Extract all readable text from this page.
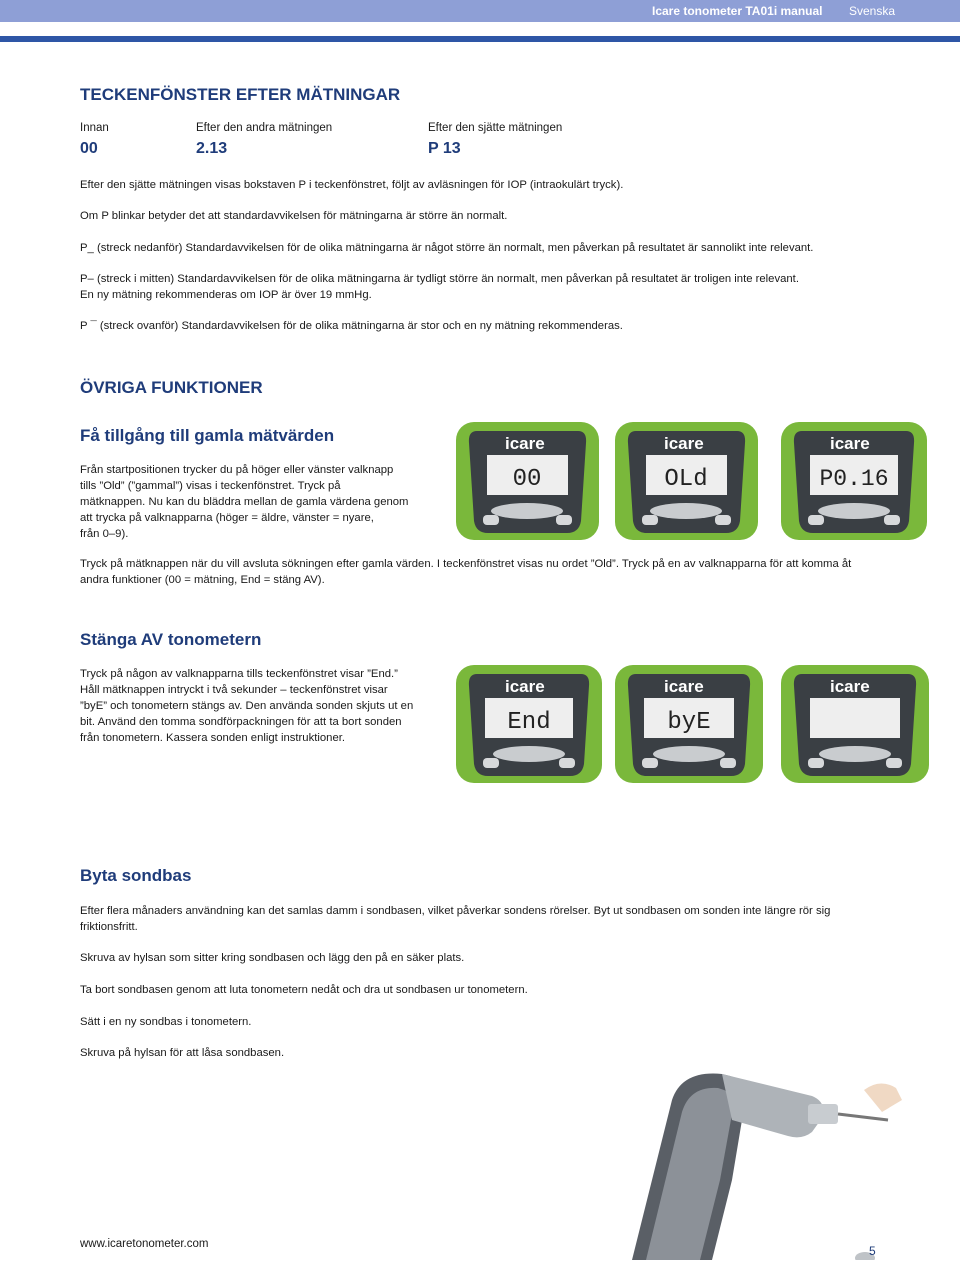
Icare tonometer TA01i manual Svenska
TECKENFÖNSTER EFTER MÄTNINGAR
Innan	Efter den andra mätningen	Efter den sjätte mätningen
00	2.13	P 13
Efter den sjätte mätningen visas bokstaven P i teckenfönstret, följt av avläsningen för IOP (intraokulärt tryck).
Om P blinkar betyder det att standardavvikelsen för mätningarna är större än normalt.
P_ (streck nedanför) Standardavvikelsen för de olika mätningarna är något större än normalt, men påverkan på resultatet är sannolikt inte relevant.
P– (streck i mitten) Standardavvikelsen för de olika mätningarna är tydligt större än normalt, men påverkan på resultatet är troligen inte relevant.
En ny mätning rekommenderas om IOP är över 19 mmHg.
P ¯ (streck ovanför) Standardavvikelsen för de olika mätningarna är stor och en ny mätning rekommenderas.
ÖVRIGA FUNKTIONER
Få tillgång till gamla mätvärden
Från startpositionen trycker du på höger eller vänster valknapp
tills ”Old” (”gammal”) visas i teckenfönstret. Tryck på
mätknappen. Nu kan du bläddra mellan de gamla värdena genom
att trycka på valknapparna (höger = äldre, vänster = nyare,
från 0–9).
icare
00
icare
OLd
icare
P0.16
Tryck på mätknappen när du vill avsluta sökningen efter gamla värden. I teckenfönstret visas nu ordet ”Old”. Tryck på en av valknapparna för att komma åt
andra funktioner (00 = mätning, End = stäng AV).
Stänga AV tonometern
Tryck på någon av valknapparna tills teckenfönstret visar ”End.”
Håll mätknappen intryckt i två sekunder – teckenfönstret visar
”byE” och tonometern stängs av. Den använda sonden skjuts ut en
bit. Använd den tomma sondförpackningen för att ta bort sonden
från tonometern. Kassera sonden enligt instruktioner.
icare
End
icare
byE
icare
Byta sondbas
Efter flera månaders användning kan det samlas damm i sondbasen, vilket påverkar sondens rörelser. Byt ut sondbasen om sonden inte längre rör sig
friktionsfritt.
Skruva av hylsan som sitter kring sondbasen och lägg den på en säker plats.
Ta bort sondbasen genom att luta tonometern nedåt och dra ut sondbasen ur tonometern.
Sätt i en ny sondbas i tonometern.
Skruva på hylsan för att låsa sondbasen.
www.icaretonometer.com	5
